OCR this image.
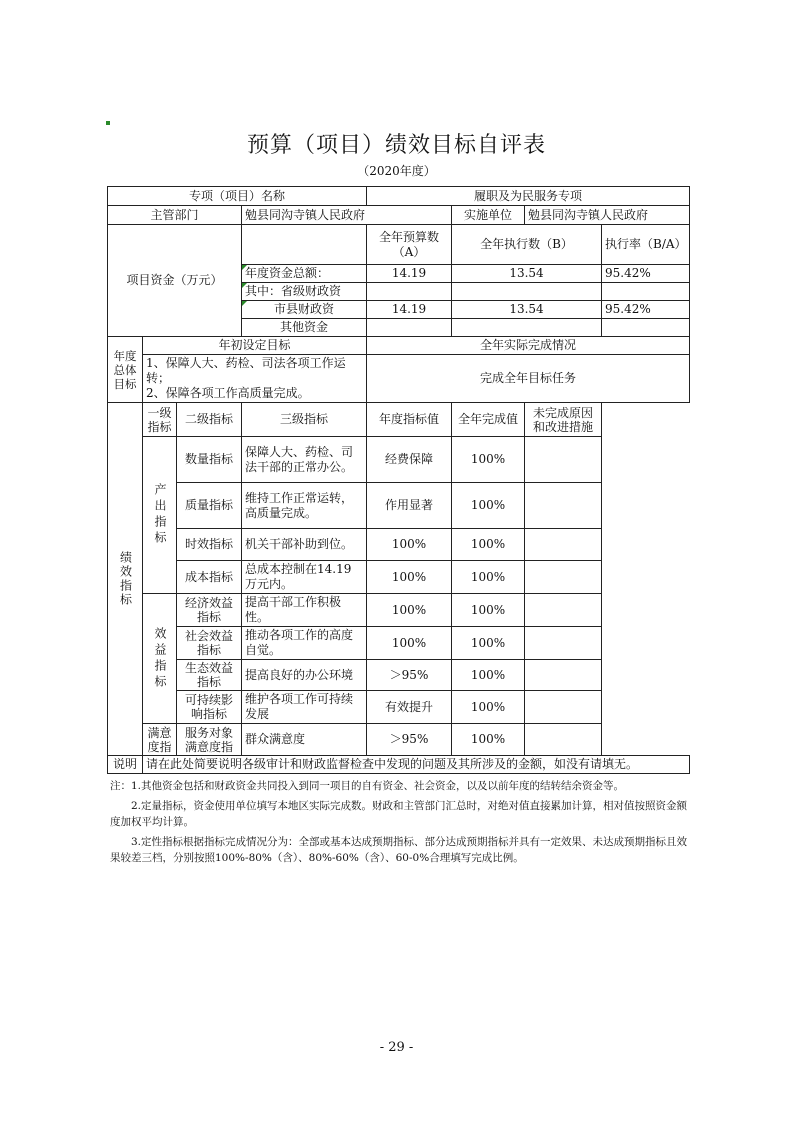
预算（项目）绩效目标自评表
（2020年度）
专项（项目）名称				履职及为民服务专项			
主管部门			勉县同沟寺镇人民政府		实施单位	勉县同沟寺镇人民政府	
项目资金（万元）				全年预算数（A）	全年执行数（B）		执行率（B/A）
			年度资金总额：	14.19	13.54		95.42%
			其中：省级财政资				
			市县财政资	14.19	13.54		95.42%
			其他资金				
年度总体目标	年初设定目标			全年实际完成情况			

	1、保障人大、药检、司法各项工作运转；
2、保障各项工作高质量完成。			完成全年目标任务			
绩效指标	一级指标	二级指标	三级指标	年度指标值	全年完成值	未完成原因和改进措施	
	产出指标	数量指标	保障人大、药检、司法干部的正常办公。	经费保障	100%		
		质量指标	维持工作正常运转，高质量完成。	作用显著	100%		
		时效指标	机关干部补助到位。	100%	100%		
		成本指标	总成本控制在14.19万元内。	100%	100%		
	效益指标	经济效益指标	提高干部工作积极性。	100%	100%		
		社会效益指标	推动各项工作的高度自觉。	100%	100%		
		生态效益指标	提高良好的办公环境	＞95%	100%		
		可持续影响指标	维护各项工作可持续发展	有效提升	100%		
	满意度指	服务对象满意度指	群众满意度	＞95%	100%		
说明	请在此处简要说明各级审计和财政监督检查中发现的问题及其所涉及的金额，如没有请填无。						

注：1.其他资金包括和财政资金共同投入到同一项目的自有资金、社会资金，以及以前年度的结转结余资金等。

2.定量指标，资金使用单位填写本地区实际完成数。财政和主管部门汇总时，对绝对值直接累加计算，相对值按照资金额度加权平均计算。

3.定性指标根据指标完成情况分为：全部或基本达成预期指标、部分达成预期指标并具有一定效果、未达成预期指标且效果较差三档，分别按照100%-80%（含）、80%-60%（含）、60-0%合理填写完成比例。

- 29 -
